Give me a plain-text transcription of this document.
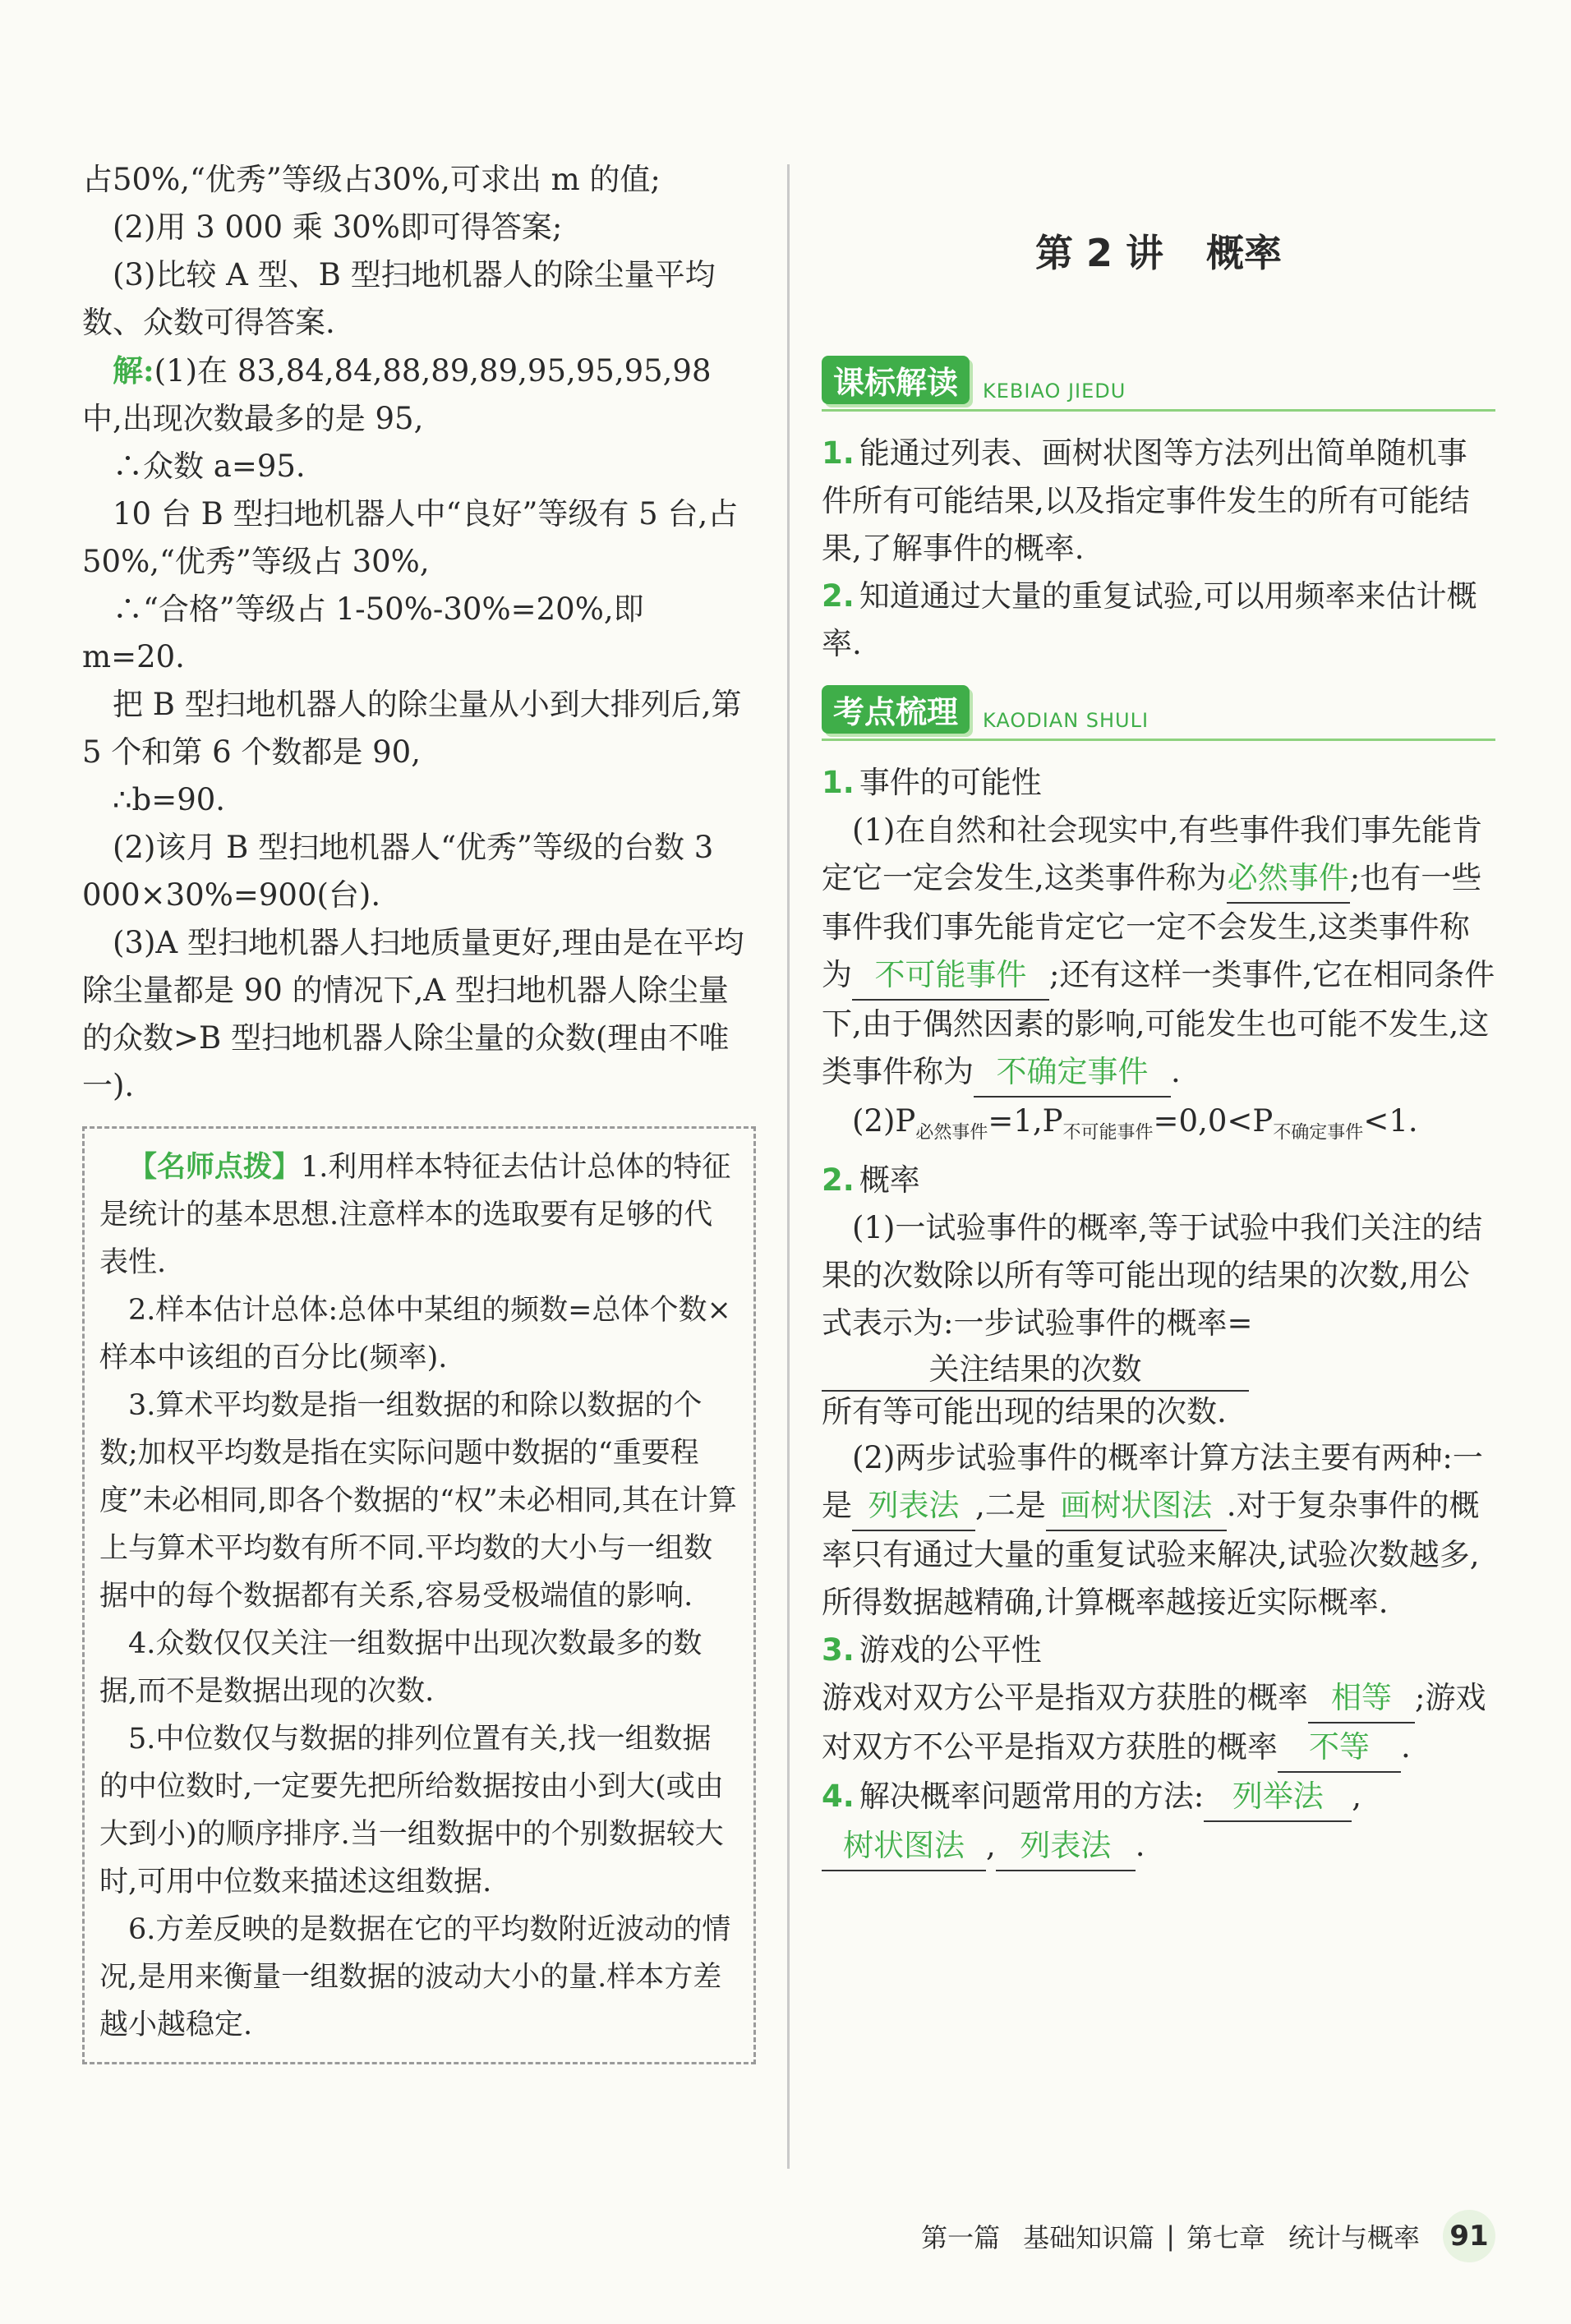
占50%,“优秀”等级占30%,可求出 m 的值;

(2)用 3 000 乘 30%即可得答案;

(3)比较 A 型、B 型扫地机器人的除尘量平均数、众数可得答案.

解:(1)在 83,84,84,88,89,89,95,95,95,98 中,出现次数最多的是 95,

∴众数 a=95.

10 台 B 型扫地机器人中“良好”等级有 5 台,占 50%,“优秀”等级占 30%,

∴“合格”等级占 1-50%-30%=20%,即 m=20.

把 B 型扫地机器人的除尘量从小到大排列后,第 5 个和第 6 个数都是 90,

∴b=90.

(2)该月 B 型扫地机器人“优秀”等级的台数 3 000×30%=900(台).

(3)A 型扫地机器人扫地质量更好,理由是在平均除尘量都是 90 的情况下,A 型扫地机器人除尘量的众数>B 型扫地机器人除尘量的众数(理由不唯一).

【名师点拨】1.利用样本特征去估计总体的特征是统计的基本思想.注意样本的选取要有足够的代表性.

2.样本估计总体:总体中某组的频数=总体个数×样本中该组的百分比(频率).

3.算术平均数是指一组数据的和除以数据的个数;加权平均数是指在实际问题中数据的“重要程度”未必相同,即各个数据的“权”未必相同,其在计算上与算术平均数有所不同.平均数的大小与一组数据中的每个数据都有关系,容易受极端值的影响.

4.众数仅仅关注一组数据中出现次数最多的数据,而不是数据出现的次数.

5.中位数仅与数据的排列位置有关,找一组数据的中位数时,一定要先把所给数据按由小到大(或由大到小)的顺序排序.当一组数据中的个别数据较大时,可用中位数来描述这组数据.

6.方差反映的是数据在它的平均数附近波动的情况,是用来衡量一组数据的波动大小的量.样本方差越小越稳定.

第 2 讲 概率
课标解读	KEBIAO JIEDU

1. 能通过列表、画树状图等方法列出简单随机事件所有可能结果,以及指定事件发生的所有可能结果,了解事件的概率.

2. 知道通过大量的重复试验,可以用频率来估计概率.

考点梳理	KAODIAN SHULI

1. 事件的可能性

(1)在自然和社会现实中,有些事件我们事先能肯定它一定会发生,这类事件称为必然事件;也有一些事件我们事先能肯定它一定不会发生,这类事件称为 不可能事件 ;还有这样一类事件,它在相同条件下,由于偶然因素的影响,可能发生也可能不发生,这类事件称为 不确定事件 .

$(2)P_{必然事件}=1,P_{不可能事件}=0,0<P_{不确定事件}<1$.

2. 概率

(1)一试验事件的概率,等于试验中我们关注的结果的次数除以所有等可能出现的结果的次数,用公式表示为:一步试验事件的概率=

关注结果的次数
所有等可能出现的结果的次数.

(2)两步试验事件的概率计算方法主要有两种:一是 列表法 ,二是 画树状图法 .对于复杂事件的概率只有通过大量的重复试验来解决,试验次数越多,所得数据越精确,计算概率越接近实际概率.

3. 游戏的公平性

游戏对双方公平是指双方获胜的概率 相等 ;游戏对双方不公平是指双方获胜的概率 不等 .

4. 解决概率问题常用的方法: 列举法 ,树状图法 , 列表法 .

第一篇 基础知识篇 | 第七章 统计与概率 91
